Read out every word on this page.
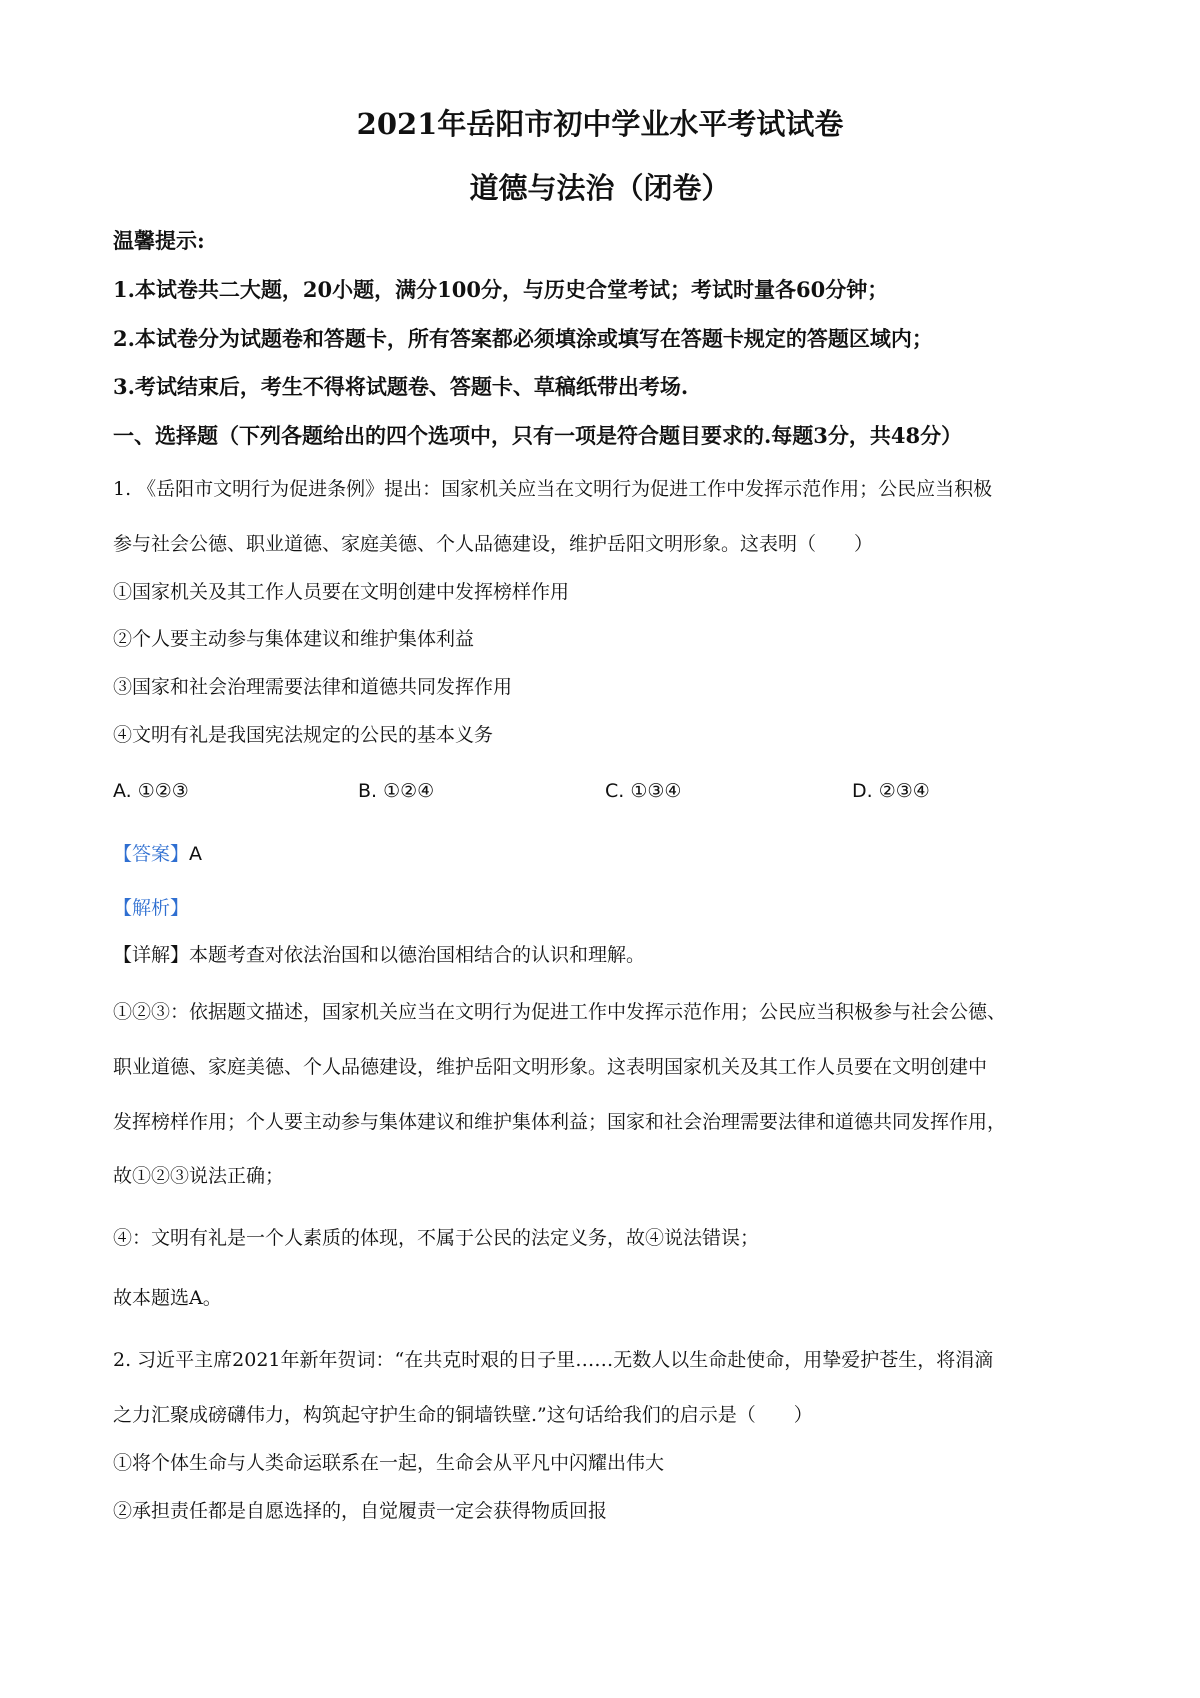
2021年岳阳市初中学业水平考试试卷
道德与法治（闭卷）
温馨提示:
1.本试卷共二大题，20小题，满分100分，与历史合堂考试；考试时量各60分钟；
2.本试卷分为试题卷和答题卡，所有答案都必须填涂或填写在答题卡规定的答题区域内；
3.考试结束后，考生不得将试题卷、答题卡、草稿纸带出考场.
一、选择题（下列各题给出的四个选项中，只有一项是符合题目要求的.每题3分，共48分）
1. 《岳阳市文明行为促进条例》提出：国家机关应当在文明行为促进工作中发挥示范作用；公民应当积极
参与社会公德、职业道德、家庭美德、个人品德建设，维护岳阳文明形象。这表明（　　）
①国家机关及其工作人员要在文明创建中发挥榜样作用
②个人要主动参与集体建议和维护集体利益
③国家和社会治理需要法律和道德共同发挥作用
④文明有礼是我国宪法规定的公民的基本义务
A. ①②③	B. ①②④	C. ①③④	D. ②③④
【答案】A
【解析】
【详解】本题考查对依法治国和以德治国相结合的认识和理解。
①②③：依据题文描述，国家机关应当在文明行为促进工作中发挥示范作用；公民应当积极参与社会公德、
职业道德、家庭美德、个人品德建设，维护岳阳文明形象。这表明国家机关及其工作人员要在文明创建中
发挥榜样作用；个人要主动参与集体建议和维护集体利益；国家和社会治理需要法律和道德共同发挥作用，
故①②③说法正确；
④：文明有礼是一个人素质的体现，不属于公民的法定义务，故④说法错误；
故本题选A。
2. 习近平主席2021年新年贺词：“在共克时艰的日子里……无数人以生命赴使命，用挚爱护苍生，将涓滴
之力汇聚成磅礴伟力，构筑起守护生命的铜墙铁壁.”这句话给我们的启示是（　　）
①将个体生命与人类命运联系在一起，生命会从平凡中闪耀出伟大
②承担责任都是自愿选择的，自觉履责一定会获得物质回报
